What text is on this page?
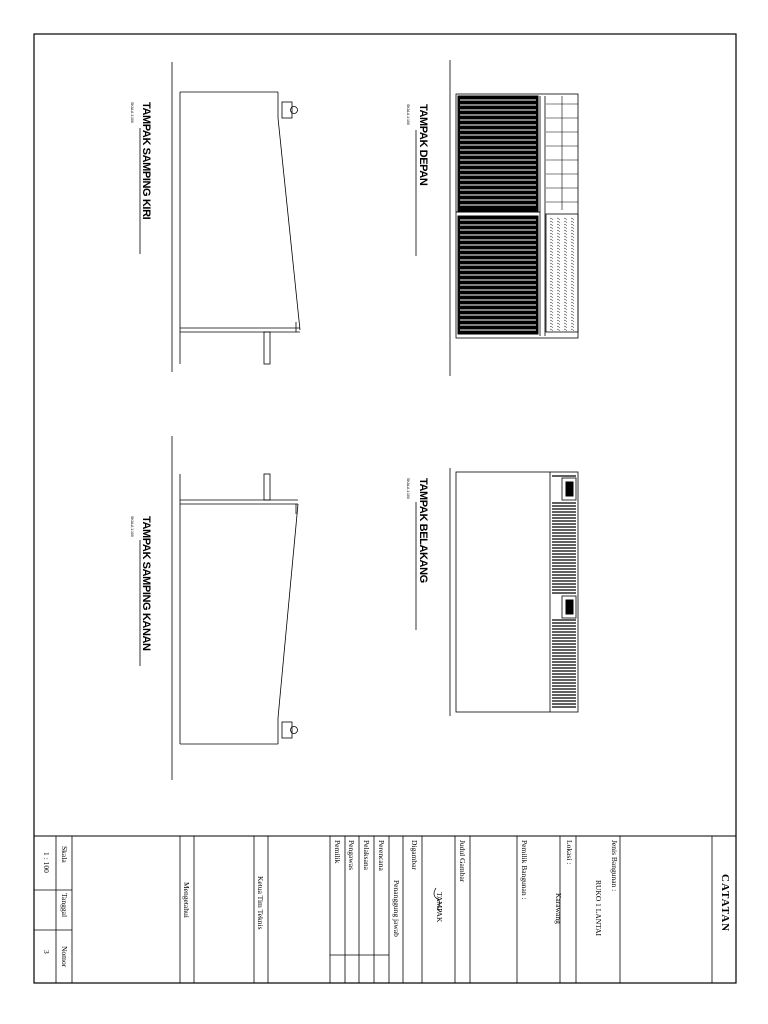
TAMPAK SAMPING KIRI
SKALA 1:100	TAMPAK DEPAN
SKALA 1:100
TAMPAK SAMPING KANAN
SKALA 1:100	TAMPAK BELAKANG
SKALA 1:100
CATATAN
Jenis Bangunan :
RUKO 1 LANTAI
Lokasi :
Karawang
Pemilik Bangunan :
Judul Gambar
TAMPAK
Digambar
Penanggung jawab
Perencana
Pelaksana
Pengawas
Pemilik
Ketua Tim Teknis
Mengetahui
Skala
1 : 100
Tanggal
Nomor
3
